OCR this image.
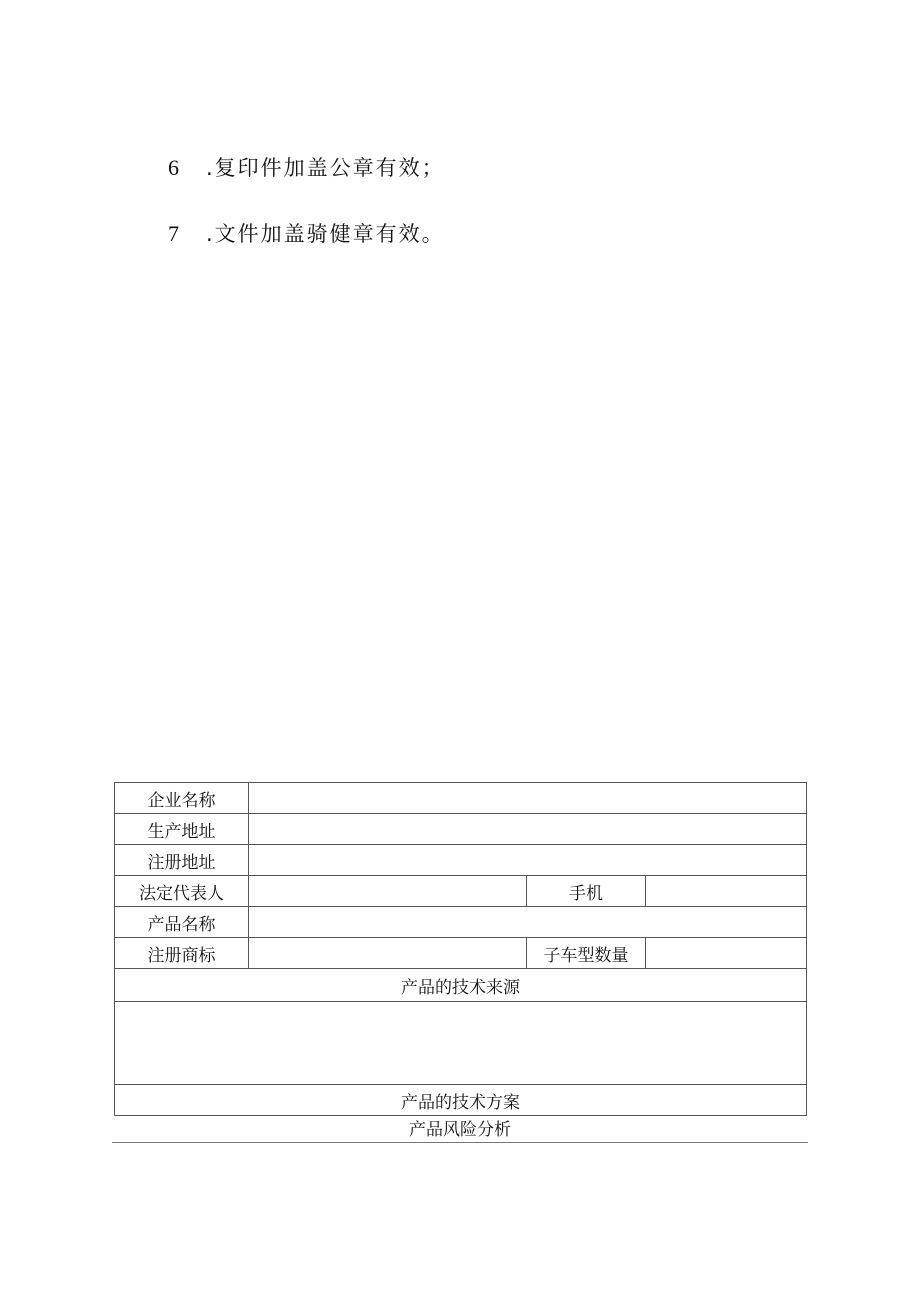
6 .复印件加盖公章有效；
7 .文件加盖骑健章有效。
企业名称			
生产地址			
注册地址			
法定代表人		手机	
产品名称			
注册商标		子车型数量	
产品的技术来源			

产品的技术方案			
产品风险分析
